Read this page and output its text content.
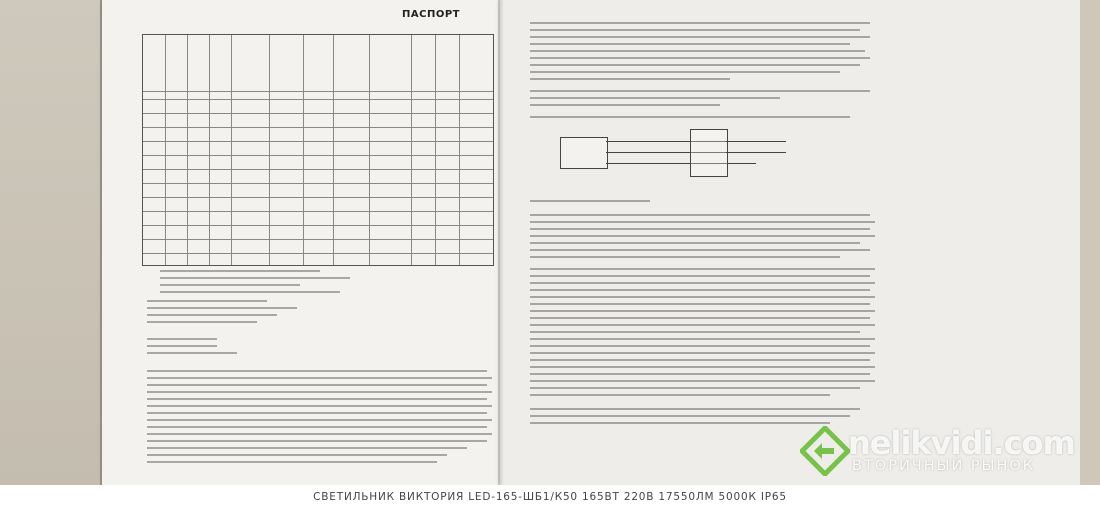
ПАСПОРТ
nelikvidi.com
ВТОРИЧНЫЙ РЫНОК
СВЕТИЛЬНИК ВИКТОРИЯ LED-165-ШБ1/К50 165ВТ 220В 17550ЛМ 5000К IP65
